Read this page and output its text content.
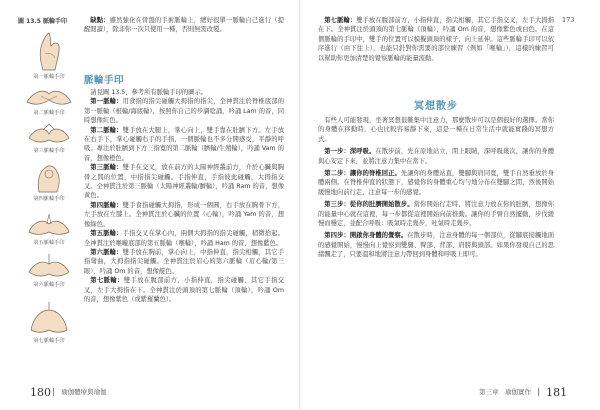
圖 13.5 脈輪手印
第一脈輪手印
第二脈輪手印
第三脈輪手印
第四脈輪手印
第五脈輪手印
第六脈輪手印
第七脈輪手印

缺點：雖然強化在骨盤的手術脈輪上，總好很單一脈輪自己進行（提醒閱讀），除非你一次只使用一種，否則無需改變。

脈輪手印

請見圖 13.5，參考所有脈輪手印的圖示。

第一脈輪：用食指的指尖碰觸大拇指的指尖，全神貫注於脊椎底部的第一脈輪（根輪/海底輪），按照你自己的步調唸誦，吟誦 Lam 的音，同時想像紅色。

第二脈輪：雙手放在大腿上，掌心向上，雙手靠在肚臍下方。左手放在右手下，掌心碰觸右手的手指，一個脈輪也不多分開感受，平靜的呼吸。專注於肚臍到下方三指寬的第二脈輪（臍輪/生殖輪），吟誦 Vam 的音，想像橙色。

第三脈輪：雙手在交叉，放在前方的太陽神經叢前方，介於心臟與胸骨之間的位置，中指指尖碰觸。手指伸直，手指彼此碰觸，大拇指交叉。全神貫注於第三脈輪（太陽神經叢輪/臍輪），吟誦 Ram 的音，想像黃色。

第四脈輪：雙手食指碰觸大拇指，形成一個圓，右手放在胸骨下方，左手放在左膝上。全神貫注於心臟的位置（心輪），吟誦 Yam 的音，想像綠色。

第五脈輪：手指交叉在掌心內，兩個大拇指的指尖碰觸，稍微抬起。全神貫注於喉嚨底部的第五脈輪（喉輪），吟誦 Ham 的音，想像藍色。

第六脈輪：雙手放在胸前，掌心向上，中指伸直，指尖相觸，其它手指彎曲，大拇指指尖碰觸。全神貫注於眉心的第六脈輪（眉心輪/第三眼），吟誦 Om 的音，想像靛色。

第七脈輪：雙手放在腹部前方，小指伸直，指尖碰觸，其它手指交叉，左手大拇指在下。全神貫注於頭頂的第七脈輪（頂輪），吟誦 Om 的音，想像紫色（或紫羅蘭色）。

180 瑜伽體療與瑜伽
173

第七脈輪：雙手放在腹部前方，小指伸直，指尖相觸，其它手指交叉，左手大拇指在下。全神貫注於頭頂的第七脈輪（頂輪），吟誦 Om 的音，想像紫色或白色。在這個脈輪的手印中，雙手的位置可以模擬頭頂的樣子，向上延伸。這些脈輪手印可以依序進行（由下往上），也能只針對你需要的部位練習（例如「喉輪」），這樣的練習可以幫助你更加清楚的覺察脈輪的能量流動。

冥想散步

有些人可能發現，坐著冥想很難集中注意力，那麼散步可以是個很好的選擇。當你的身體在移動時，心也比較容易靜下來，這是一種在日常生活中就能實踐的冥想方式。

第一步：深呼吸。在散步前，先在原地站立，閉上眼睛，深呼吸幾次，讓你的身體與心安定下來，並將注意力集中在當下。

第二步：讓你的脊椎回正。先讓你的身體站直，雙腳與肩同寬，雙手自然垂放於身體兩側。在脊椎伸直的狀態下，感覺你的身體重心均勻地分布在雙腳之間，然後開始緩慢地向前行走，注意每一步的感覺。

第三步：從你的肚臍開始散步。當你開始行走時，將注意力放在你的肚臍，想像你的能量中心就在這裡，每一步都從這裡開始向前推動。讓你的手臂自然擺動，步伐緩慢而穩定，並配合呼吸：吸氣時走幾步，吐氣時走幾步。

第四步：開啟你身體的覺察。在散步時，注意身體的每一個部位，從腳底接觸地面的感覺開始，慢慢向上覺察到雙腿、臀部、背部、肩膀與頭部。如果你發現自己的思緒飄走了，只要溫和地將注意力帶回到身體和呼吸上即可。

第三章　瑜伽實作 181
